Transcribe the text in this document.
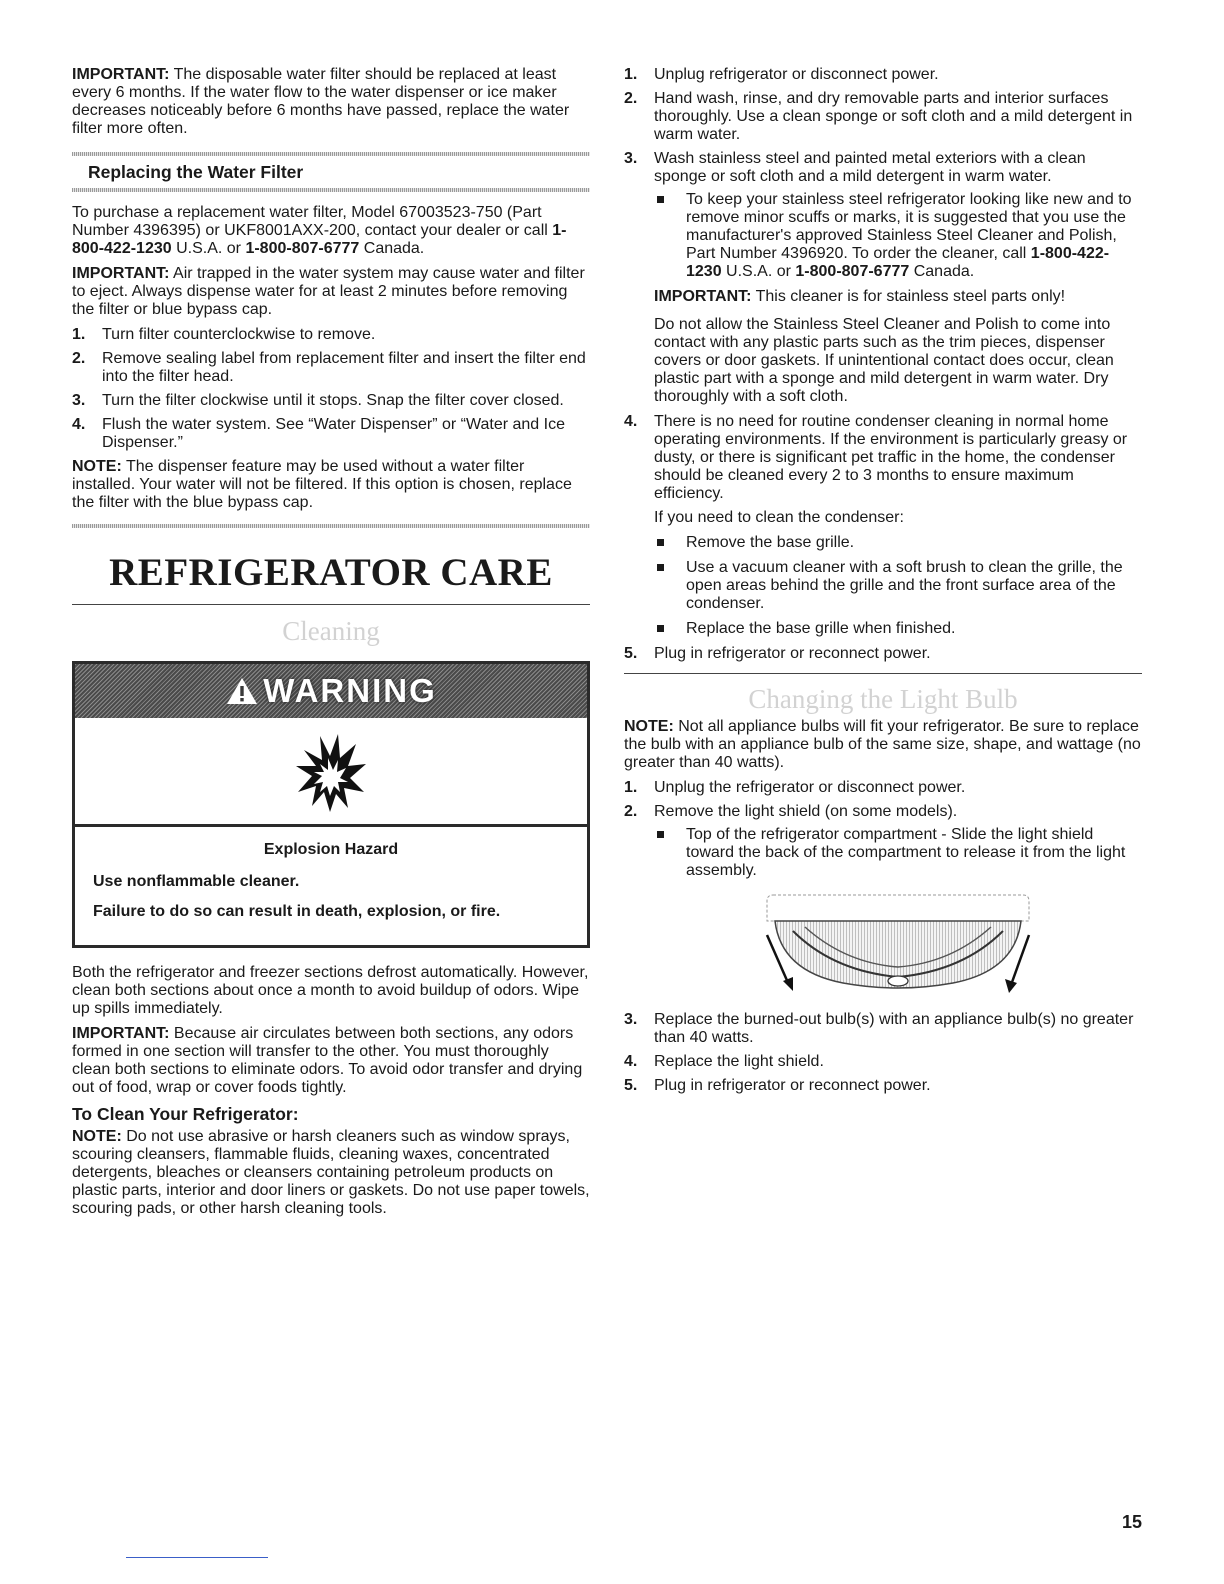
IMPORTANT: The disposable water filter should be replaced at least every 6 months. If the water flow to the water dispenser or ice maker decreases noticeably before 6 months have passed, replace the water filter more often.

Replacing the Water Filter

To purchase a replacement water filter, Model 67003523-750 (Part Number 4396395) or UKF8001AXX-200, contact your dealer or call 1-800-422-1230 U.S.A. or 1-800-807-6777 Canada.

IMPORTANT: Air trapped in the water system may cause water and filter to eject. Always dispense water for at least 2 minutes before removing the filter or blue bypass cap.

1. Turn filter counterclockwise to remove.
2. Remove sealing label from replacement filter and insert the filter end into the filter head.
3. Turn the filter clockwise until it stops. Snap the filter cover closed.
4. Flush the water system. See “Water Dispenser” or “Water and Ice Dispenser.”

NOTE: The dispenser feature may be used without a water filter installed. Your water will not be filtered. If this option is chosen, replace the filter with the blue bypass cap.

REFRIGERATOR CARE
Cleaning
WARNING
Explosion Hazard
Use nonflammable cleaner.
Failure to do so can result in death, explosion, or fire.

Both the refrigerator and freezer sections defrost automatically. However, clean both sections about once a month to avoid buildup of odors. Wipe up spills immediately.

IMPORTANT: Because air circulates between both sections, any odors formed in one section will transfer to the other. You must thoroughly clean both sections to eliminate odors. To avoid odor transfer and drying out of food, wrap or cover foods tightly.

To Clean Your Refrigerator:

NOTE: Do not use abrasive or harsh cleaners such as window sprays, scouring cleansers, flammable fluids, cleaning waxes, concentrated detergents, bleaches or cleansers containing petroleum products on plastic parts, interior and door liners or gaskets. Do not use paper towels, scouring pads, or other harsh cleaning tools.

1. Unplug refrigerator or disconnect power.
2. Hand wash, rinse, and dry removable parts and interior surfaces thoroughly. Use a clean sponge or soft cloth and a mild detergent in warm water.
3. Wash stainless steel and painted metal exteriors with a clean sponge or soft cloth and a mild detergent in warm water.
To keep your stainless steel refrigerator looking like new and to remove minor scuffs or marks, it is suggested that you use the manufacturer's approved Stainless Steel Cleaner and Polish, Part Number 4396920. To order the cleaner, call 1-800-422-1230 U.S.A. or 1-800-807-6777 Canada.

IMPORTANT: This cleaner is for stainless steel parts only!

Do not allow the Stainless Steel Cleaner and Polish to come into contact with any plastic parts such as the trim pieces, dispenser covers or door gaskets. If unintentional contact does occur, clean plastic part with a sponge and mild detergent in warm water. Dry thoroughly with a soft cloth.

4. There is no need for routine condenser cleaning in normal home operating environments. If the environment is particularly greasy or dusty, or there is significant pet traffic in the home, the condenser should be cleaned every 2 to 3 months to ensure maximum efficiency.

If you need to clean the condenser:

Remove the base grille.
Use a vacuum cleaner with a soft brush to clean the grille, the open areas behind the grille and the front surface area of the condenser.
Replace the base grille when finished.
5. Plug in refrigerator or reconnect power.
Changing the Light Bulb

NOTE: Not all appliance bulbs will fit your refrigerator. Be sure to replace the bulb with an appliance bulb of the same size, shape, and wattage (no greater than 40 watts).

1. Unplug the refrigerator or disconnect power.
2. Remove the light shield (on some models).
Top of the refrigerator compartment - Slide the light shield toward the back of the compartment to release it from the light assembly.
3. Replace the burned-out bulb(s) with an appliance bulb(s) no greater than 40 watts.
4. Replace the light shield.
5. Plug in refrigerator or reconnect power.
15
